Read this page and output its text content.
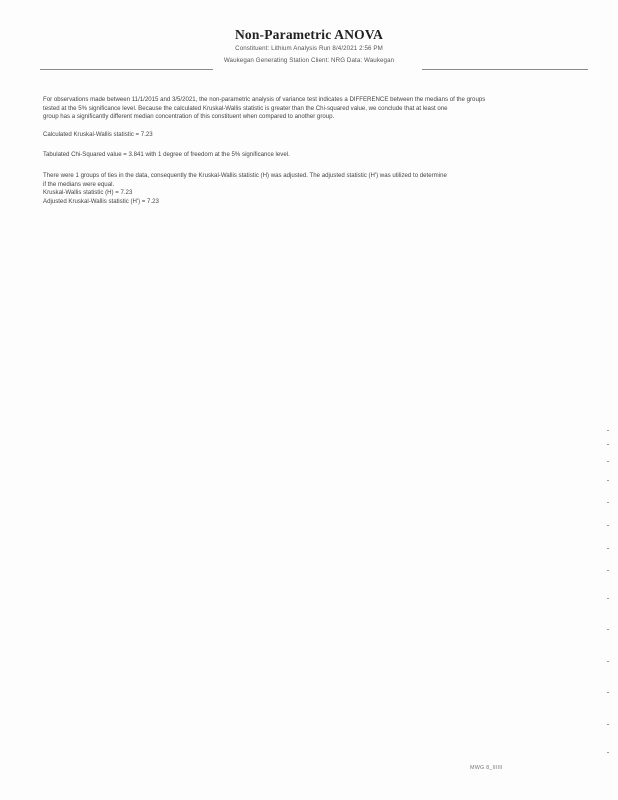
Non-Parametric ANOVA
Constituent: Lithium Analysis Run 8/4/2021 2:56 PM
Waukegan Generating Station Client: NRG Data: Waukegan
For observations made between 11/1/2015 and 3/5/2021, the non-parametric analysis of variance test indicates a DIFFERENCE between the medians of the groups
tested at the 5% significance level. Because the calculated Kruskal-Wallis statistic is greater than the Chi-squared value, we conclude that at least one
group has a significantly different median concentration of this constituent when compared to another group.
Calculated Kruskal-Wallis statistic = 7.23
Tabulated Chi-Squared value = 3.841 with 1 degree of freedom at the 5% significance level.
There were 1 groups of ties in the data, consequently the Kruskal-Wallis statistic (H) was adjusted. The adjusted statistic (H') was utilized to determine
if the medians were equal.
Kruskal-Wallis statistic (H) = 7.23
Adjusted Kruskal-Wallis statistic (H') = 7.23
MWG 8_IIIIII
